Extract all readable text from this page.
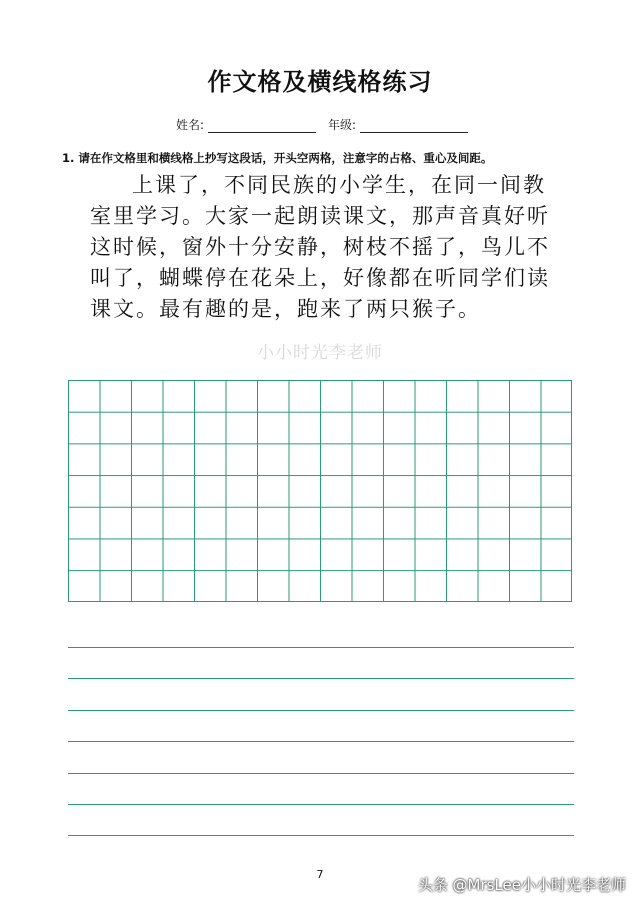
作文格及横线格练习
姓名:	年级:
1. 请在作文格里和横线格上抄写这段话，开头空两格，注意字的占格、重心及间距。
上课了，不同民族的小学生，在同一间教
室里学习。大家一起朗读课文，那声音真好听
这时候，窗外十分安静，树枝不摇了，鸟儿不
叫了，蝴蝶停在花朵上，好像都在听同学们读
课文。最有趣的是，跑来了两只猴子。
小小时光李老师
7
头条 @MrsLee小小时光李老师
